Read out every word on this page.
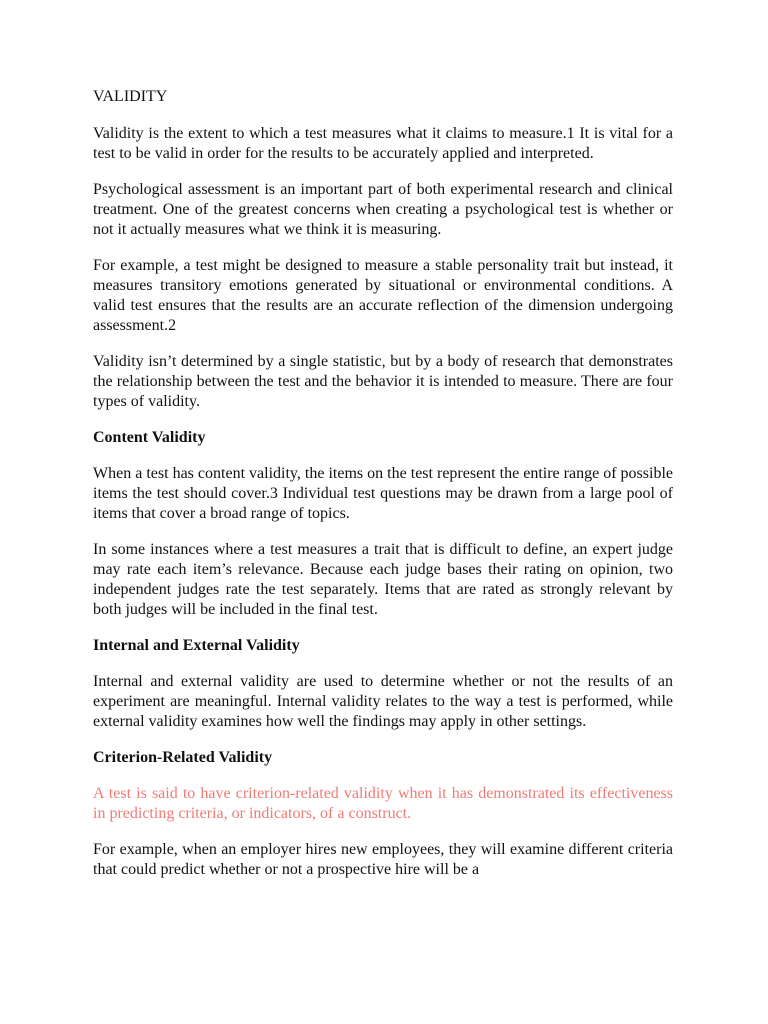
VALIDITY

Validity is the extent to which a test measures what it claims to measure.1 It is vital for a test to be valid in order for the results to be accurately applied and interpreted.

Psychological assessment is an important part of both experimental research and clinical treatment. One of the greatest concerns when creating a psychological test is whether or not it actually measures what we think it is measuring.

For example, a test might be designed to measure a stable personality trait but instead, it measures transitory emotions generated by situational or environmental conditions. A valid test ensures that the results are an accurate reflection of the dimension undergoing assessment.2

Validity isn’t determined by a single statistic, but by a body of research that demonstrates the relationship between the test and the behavior it is intended to measure. There are four types of validity.

Content Validity

When a test has content validity, the items on the test represent the entire range of possible items the test should cover.3 Individual test questions may be drawn from a large pool of items that cover a broad range of topics.

In some instances where a test measures a trait that is difficult to define, an expert judge may rate each item’s relevance. Because each judge bases their rating on opinion, two independent judges rate the test separately. Items that are rated as strongly relevant by both judges will be included in the final test.

Internal and External Validity

Internal and external validity are used to determine whether or not the results of an experiment are meaningful. Internal validity relates to the way a test is performed, while external validity examines how well the findings may apply in other settings.

Criterion-Related Validity

A test is said to have criterion-related validity when it has demonstrated its effectiveness in predicting criteria, or indicators, of a construct.

For example, when an employer hires new employees, they will examine different criteria that could predict whether or not a prospective hire will be a
